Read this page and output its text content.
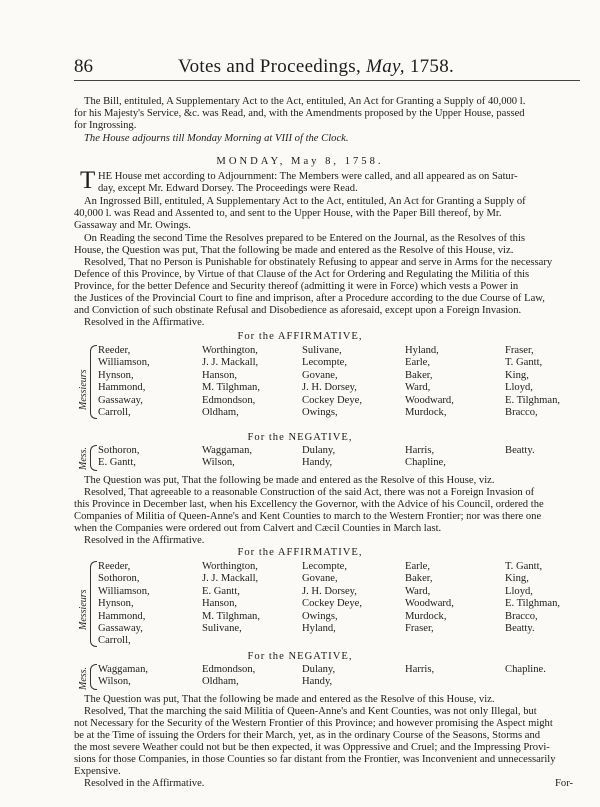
86	Votes and Proceedings, May, 1758.
The Bill, entituled, A Supplementary Act to the Act, entituled, An Act for Granting a Supply of 40,000 l.
for his Majesty's Service, &c. was Read, and, with the Amendments proposed by the Upper House, passed
for Ingrossing.
The House adjourns till Monday Morning at VIII of the Clock.
MONDAY, May 8, 1758.
T HE House met according to Adjournment: The Members were called, and all appeared as on Satur-
day, except Mr. Edward Dorsey. The Proceedings were Read.
An Ingrossed Bill, entituled, A Supplementary Act to the Act, entituled, An Act for Granting a Supply of
40,000 l. was Read and Assented to, and sent to the Upper House, with the Paper Bill thereof, by Mr.
Gassaway and Mr. Owings.
On Reading the second Time the Resolves prepared to be Entered on the Journal, as the Resolves of this
House, the Question was put, That the following be made and entered as the Resolve of this House, viz.
Resolved, That no Person is Punishable for obstinately Refusing to appear and serve in Arms for the necessary
Defence of this Province, by Virtue of that Clause of the Act for Ordering and Regulating the Militia of this
Province, for the better Defence and Security thereof (admitting it were in Force) which vests a Power in
the Justices of the Provincial Court to fine and imprison, after a Procedure according to the due Course of Law,
and Conviction of such obstinate Refusal and Disobedience as aforesaid, except upon a Foreign Invasion.
Resolved in the Affirmative.
For the AFFIRMATIVE,
Messieurs
Reeder,	Worthington,	Sulivane,	Hyland,	Fraser,
Williamson,	J. J. Mackall,	Lecompte,	Earle,	T. Gantt,
Hynson,	Hanson,	Govane,	Baker,	King,
Hammond,	M. Tilghman,	J. H. Dorsey,	Ward,	Lloyd,
Gassaway,	Edmondson,	Cockey Deye,	Woodward,	E. Tilghman,
Carroll,	Oldham,	Owings,	Murdock,	Bracco,
For the NEGATIVE,
Mess. Sothoron,	Waggaman,	Dulany,	Harris,	Beatty.
E. Gantt,	Wilson,	Handy,	Chapline,	
The Question was put, That the following be made and entered as the Resolve of this House, viz.
Resolved, That agreeable to a reasonable Construction of the said Act, there was not a Foreign Invasion of
this Province in December last, when his Excellency the Governor, with the Advice of his Council, ordered the
Companies of Militia of Queen-Anne's and Kent Counties to march to the Western Frontier; nor was there one
when the Companies were ordered out from Calvert and Cæcil Counties in March last.
Resolved in the Affirmative.
For the AFFIRMATIVE,
Messieurs
Reeder,	Worthington,	Lecompte,	Earle,	T. Gantt,
Sothoron,	J. J. Mackall,	Govane,	Baker,	King,
Williamson,	E. Gantt,	J. H. Dorsey,	Ward,	Lloyd,
Hynson,	Hanson,	Cockey Deye,	Woodward,	E. Tilghman,
Hammond,	M. Tilghman,	Owings,	Murdock,	Bracco,
Gassaway,	Sulivane,	Hyland,	Fraser,	Beatty.
Carroll,				
For the NEGATIVE,
Mess. Waggaman,	Edmondson,	Dulany,	Harris,	Chapline.
Wilson,	Oldham,	Handy,		
The Question was put, That the following be made and entered as the Resolve of this House, viz.
Resolved, That the marching the said Militia of Queen-Anne's and Kent Counties, was not only Illegal, but
not Necessary for the Security of the Western Frontier of this Province; and however promising the Aspect might
be at the Time of issuing the Orders for their March, yet, as in the ordinary Course of the Seasons, Storms and
the most severe Weather could not but be then expected, it was Oppressive and Cruel; and the Impressing Provi-
sions for those Companies, in those Counties so far distant from the Frontier, was Inconvenient and unnecessarily
Expensive.
Resolved in the Affirmative.	For-
